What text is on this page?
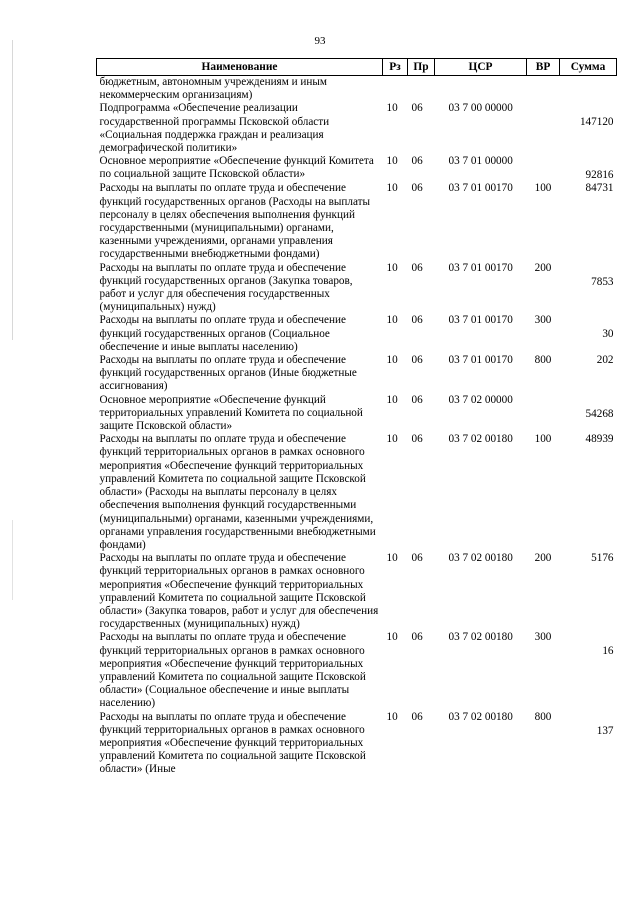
93
Наименование	Рз	Пр	ЦСР	ВР	Сумма
бюджетным, автономным учреждениям и иным некоммерческим организациям)					
Подпрограмма «Обеспечение реализации государственной программы Псковской области «Социальная поддержка граждан и реализация демографической политики»	10	06	03 7 00 00000		147120
Основное мероприятие «Обеспечение функций Комитета по социальной защите Псковской области»	10	06	03 7 01 00000		92816
Расходы на выплаты по оплате труда и обеспечение функций государственных органов (Расходы на выплаты персоналу в целях обеспечения выполнения функций государственными (муниципальными) органами, казенными учреждениями, органами управления государственными внебюджетными фондами)	10	06	03 7 01 00170	100	84731
Расходы на выплаты по оплате труда и обеспечение функций государственных органов (Закупка товаров, работ и услуг для обеспечения государственных (муниципальных) нужд)	10	06	03 7 01 00170	200	7853
Расходы на выплаты по оплате труда и обеспечение функций государственных органов (Социальное обеспечение и иные выплаты населению)	10	06	03 7 01 00170	300	30
Расходы на выплаты по оплате труда и обеспечение функций государственных органов (Иные бюджетные ассигнования)	10	06	03 7 01 00170	800	202
Основное мероприятие «Обеспечение функций территориальных управлений Комитета по социальной защите Псковской области»	10	06	03 7 02 00000		54268
Расходы на выплаты по оплате труда и обеспечение функций территориальных органов в рамках основного мероприятия «Обеспечение функций территориальных управлений Комитета по социальной защите Псковской области» (Расходы на выплаты персоналу в целях обеспечения выполнения функций государственными (муниципальными) органами, казенными учреждениями, органами управления государственными внебюджетными фондами)	10	06	03 7 02 00180	100	48939
Расходы на выплаты по оплате труда и обеспечение функций территориальных органов в рамках основного мероприятия «Обеспечение функций территориальных управлений Комитета по социальной защите Псковской области» (Закупка товаров, работ и услуг для обеспечения государственных (муниципальных) нужд)	10	06	03 7 02 00180	200	5176
Расходы на выплаты по оплате труда и обеспечение функций территориальных органов в рамках основного мероприятия «Обеспечение функций территориальных управлений Комитета по социальной защите Псковской области» (Социальное обеспечение и иные выплаты населению)	10	06	03 7 02 00180	300	16
Расходы на выплаты по оплате труда и обеспечение функций территориальных органов в рамках основного мероприятия «Обеспечение функций территориальных управлений Комитета по социальной защите Псковской области» (Иные	10	06	03 7 02 00180	800	137
